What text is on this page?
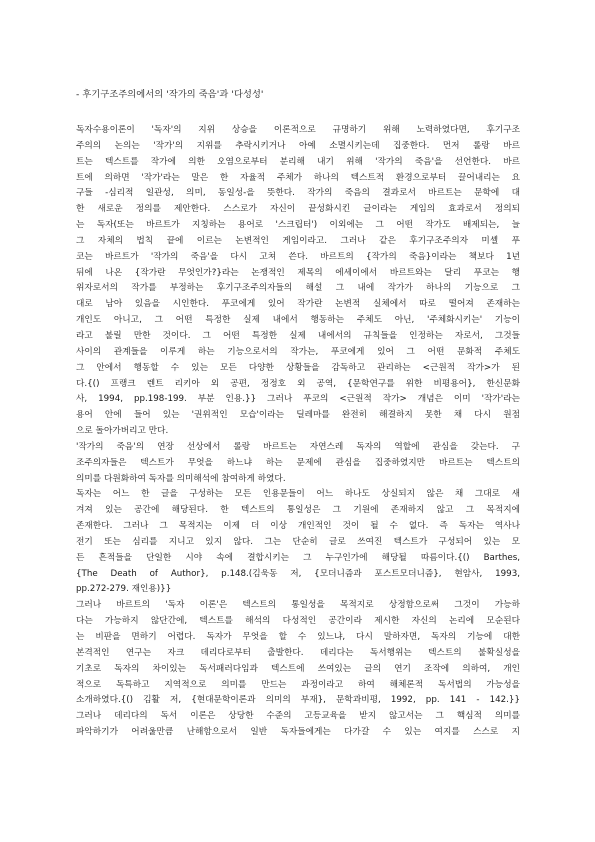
- 후기구조주의에서의 '작가의 죽음'과 '다성성'
독자수용이론이 '독자'의 지위 상승을 이론적으로 규명하기 위해 노력하였다면, 후기구조
주의의 논의는 '작가'의 지위를 추락시키거나 아예 소멸시키는데 집중한다. 먼저 롤랑 바르
트는 텍스트를 작가에 의한 오염으로부터 분리해 내기 위해 '작가의 죽음'을 선언한다. 바르
트에 의하면 '작가'라는 말은 한 자율적 주체가 하나의 텍스트적 환경으로부터 끌어내리는 요
구들 -심리적 일관성, 의미, 동일성-을 뜻한다. 작가의 죽음의 결과로서 바르트는 문학에 대
한 새로운 정의를 제안한다. 스스로가 자신이 끝성화시킨 글이라는 게임의 효과로서 정의되
는 독자(또는 바르트가 지칭하는 용어로 '스크립터') 이외에는 그 어떤 작가도 배제되는, 늘
그 자체의 법칙 끝에 이르는 논변적인 게임이라고. 그러나 같은 후기구조주의자 미셸 푸
코는 바르트가 '작가의 죽음'을 다시 고쳐 쓴다. 바르트의 {작가의 죽음}이라는 책보다 1년
뒤에 나온 {작가란 무엇인가?}라는 논쟁적인 제목의 에세이에서 바르트와는 달리 푸코는 행
위자로서의 작가를 부정하는 후기구조주의자들의 해설 그 내에 작가가 하나의 기능으로 그
대로 남아 있음을 시인한다. 푸코에게 있어 작가란 논변적 실체에서 따로 떨어져 존재하는
개인도 아니고, 그 어떤 특정한 실제 내에서 행동하는 주체도 아닌, '주체화시키는' 기능이
라고 불릴 만한 것이다. 그 어떤 특정한 실제 내에서의 규칙들을 인정하는 자로서, 그것들
사이의 관계들을 이루게 하는 기능으로서의 작가는, 푸코에게 있어 그 어떤 문화적 주체도
그 안에서 행동할 수 있는 모든 다양한 상황들을 감독하고 관리하는 <근원적 작가>가 된
다.{() 프랭크 렌트 리키아 외 공편, 정정호 외 공역, {문학연구를 위한 비평용어}, 한신문화
사, 1994, pp.198-199. 부분 인용.}} 그러나 푸코의 <근원적 작가> 개념은 이미 '작가'라는
용어 안에 들어 있는 '권위적인 모습'이라는 딜레마를 완전히 해결하지 못한 채 다시 원점
으로 돌아가버리고 만다.
'작가의 죽음'의 연장 선상에서 롤랑 바르트는 자연스레 독자의 역할에 관심을 갖는다. 구
조주의자들은 텍스트가 무엇을 하느냐 하는 문제에 관심을 집중하였지만 바르트는 텍스트의
의미를 다원화하여 독자를 의미해석에 참여하게 하였다.
독자는 어느 한 글을 구성하는 모든 인용문들이 어느 하나도 상실되지 않은 채 그대로 새
겨져 있는 공간에 해당된다. 한 텍스트의 통일성은 그 기원에 존재하지 않고 그 목적지에
존재한다. 그러나 그 목적지는 이제 더 이상 개인적인 것이 될 수 없다. 즉 독자는 역사나
전기 또는 심리를 지니고 있지 않다. 그는 단순히 글로 쓰여진 텍스트가 구성되어 있는 모
든 흔적들을 단일한 시야 속에 결합시키는 그 누구인가에 해당될 따름이다.{() Barthes,
{The Death of Author}, p.148.(김욱동 저, {모더니즘과 포스트모더니즘}, 현암사, 1993,
pp.272-279. 재인용)}}
그러나 바르트의 '독자 이론'은 텍스트의 통일성을 목적지로 상정함으로써 그것이 가능하
다는 가능하지 않단간에, 텍스트를 해석의 다성적인 공간이라 제시한 자신의 논리에 모순된다
는 비판을 면하기 어렵다. 독자가 무엇을 할 수 있느냐, 다시 말하자면, 독자의 기능에 대한
본격적인 연구는 자크 데리다로부터 출발한다. 데리다는 독서행위는 텍스트의 불확실성을
기초로 독자의 차이있는 독서패러다임과 텍스트에 쓰여있는 글의 연기 조작에 의하여, 개인
적으로 독특하고 지역적으로 의미를 만드는 과정이라고 하여 해체론적 독서법의 가능성을
소개하였다.{() 김활 저, {현대문학이론과 의미의 부재}, 문학과비평, 1992, pp. 141 - 142.}}
그러나 데리다의 독서 이론은 상당한 수준의 고등교육을 받지 않고서는 그 핵심적 의미를
파악하기가 어려울만큼 난해함으로서 일반 독자들에게는 다가갈 수 있는 여지를 스스로 지
